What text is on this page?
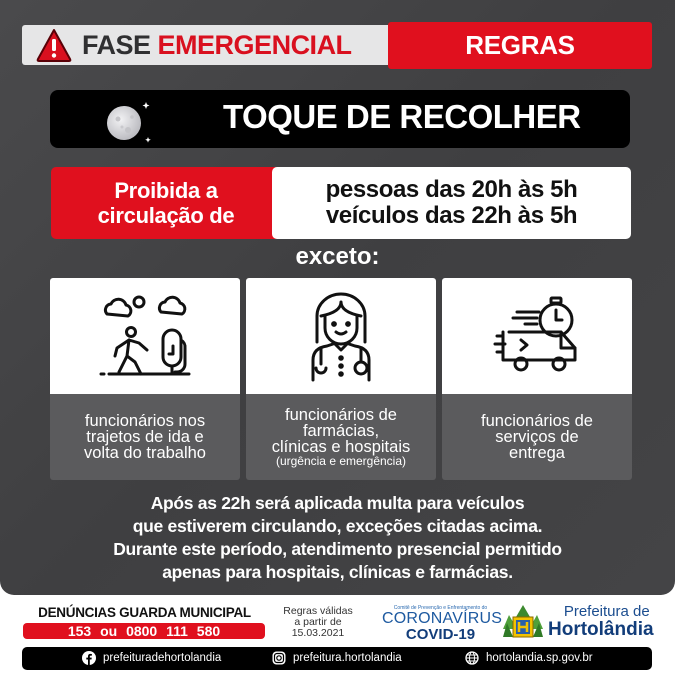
FASE EMERGENCIAL	REGRAS
TOQUE DE RECOLHER
Proibida a
circulação de
pessoas das 20h às 5h
veículos das 22h às 5h
exceto:
funcionários nos
trajetos de ida e
volta do trabalho
funcionários de
farmácias,
clínicas e hospitais
(urgência e emergência)
funcionários de
serviços de
entrega
Após as 22h será aplicada multa para veículos
que estiverem circulando, exceções citadas acima.
Durante este período, atendimento presencial permitido
apenas para hospitais, clínicas e farmácias.
DENÚNCIAS GUARDA MUNICIPAL
153 ou 0800 111 580
Regras válidas
a partir de
15.03.2021
Comitê de Prevenção e Enfrentamento do
CORONAVÍRUS
COVID-19
Prefeitura de
Hortolândia
prefeituradehortolandia	prefeitura.hortolandia	hortolandia.sp.gov.br
